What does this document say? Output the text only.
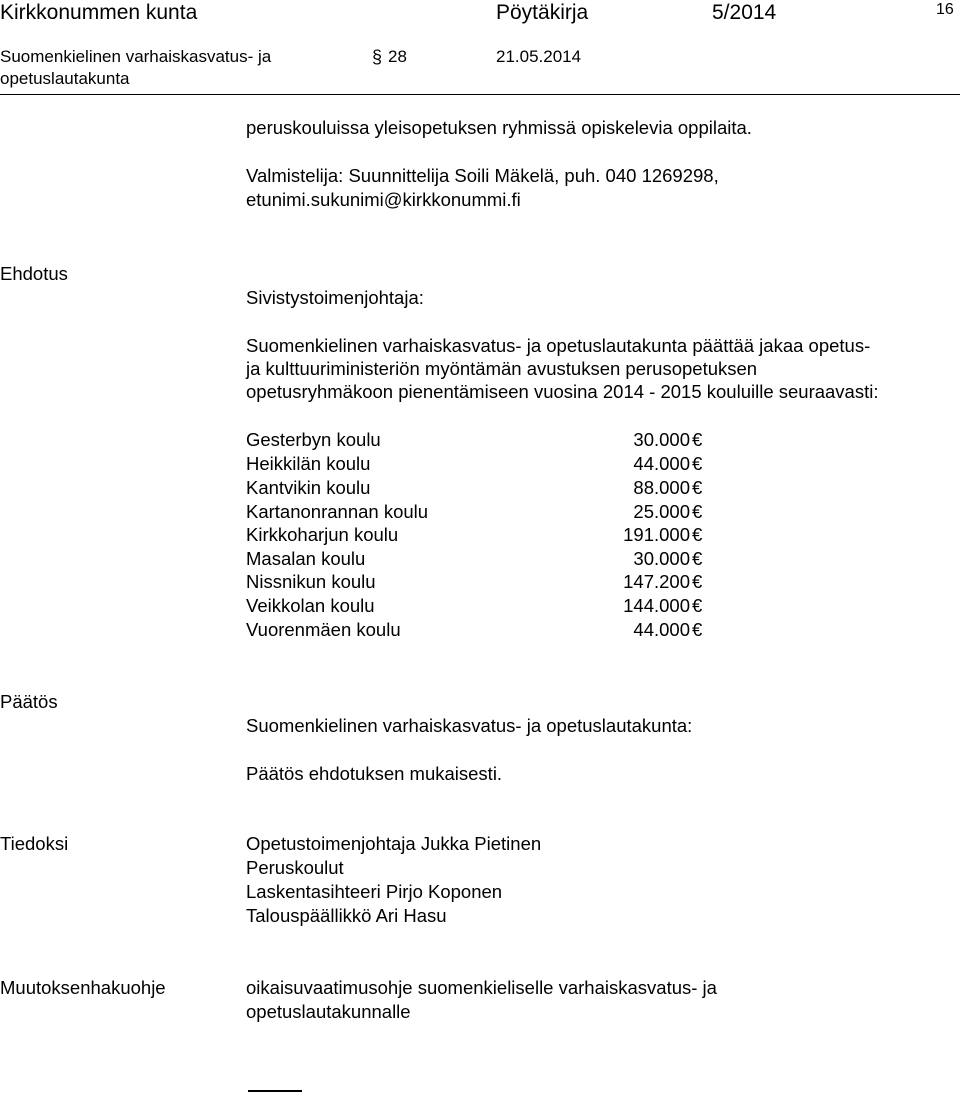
Kirkkonummen kunta	Pöytäkirja	5/2014	16
Suomenkielinen varhaiskasvatus- ja
opetuslautakunta
§ 28	21.05.2014
peruskouluissa yleisopetuksen ryhmissä opiskelevia oppilaita.
Valmistelija: Suunnittelija Soili Mäkelä, puh. 040 1269298,
etunimi.sukunimi@kirkkonummi.fi
Ehdotus
Sivistystoimenjohtaja:
Suomenkielinen varhaiskasvatus- ja opetuslautakunta päättää jakaa opetus-
ja kulttuuriministeriön myöntämän avustuksen perusopetuksen
opetusryhmäkoon pienentämiseen vuosina 2014 - 2015 kouluille seuraavasti:
Gesterbyn koulu	30.000 €
Heikkilän koulu	44.000 €
Kantvikin koulu	88.000 €
Kartanonrannan koulu	25.000 €
Kirkkoharjun koulu	191.000 €
Masalan koulu	30.000 €
Nissnikun koulu	147.200 €
Veikkolan koulu	144.000 €
Vuorenmäen koulu	44.000 €
Päätös
Suomenkielinen varhaiskasvatus- ja opetuslautakunta:
Päätös ehdotuksen mukaisesti.
Tiedoksi	Opetustoimenjohtaja Jukka Pietinen
Peruskoulut
Laskentasihteeri Pirjo Koponen
Talouspäällikkö Ari Hasu
Muutoksenhakuohje	oikaisuvaatimusohje suomenkieliselle varhaiskasvatus- ja
opetuslautakunnalle
